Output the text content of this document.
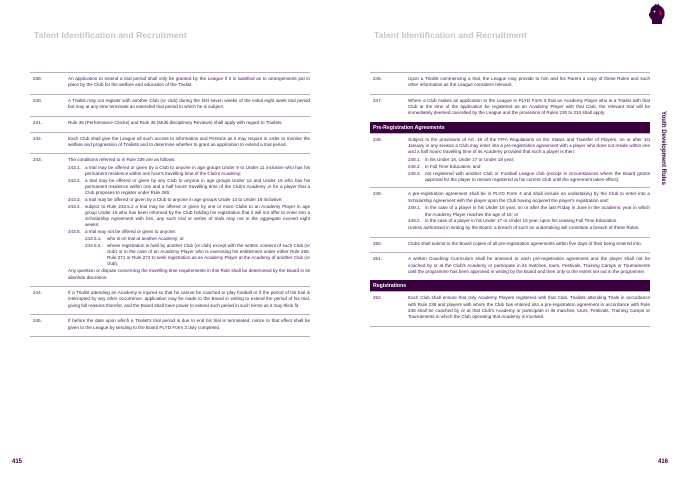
Talent Identification and Recruitment
239.	An application to extend a trial period shall only be granted by the League if it is satisfied as to arrangements put in place by the Club for the welfare and education of the Trialist.

240.	A Trialist may not register with another Club (or club) during the first seven weeks of the initial eight week trial period but may at any time terminate an extended trial period to which he is subject.

241.	Rule 35 (Performance Clocks) and Rule 36 (Multi-disciplinary Reviews) shall apply with regard to Trialists.

242.	Each Club shall give the League all such access to information and Persons as it may require in order to monitor the welfare and progression of Trialists and to determine whether to grant an application to extend a trial period.

243.	The conditions referred to in Rule 236 are as follows:

243.1. a trial may be offered or given by a Club to anyone in age groups Under 9 to Under 11 inclusive who has his permanent residence within one hour's travelling time of the Club's Academy;
243.2. a trial may be offered or given by any Club to anyone in age groups Under 12 and Under 15 who has his permanent residence within one and a half hours' travelling time of the Club's Academy or for a player that a Club proposes to register under Rule 265;
243.3. a trial may be offered or given by a Club to anyone in age groups Under 14 to Under 16 inclusive;
243.4. subject to Rule 243.5.2 a trial may be offered or given by one or more Clubs to an Academy Player in age group Under 16 who has been informed by the Club holding his registration that it will not offer to enter into a Scholarship Agreement with him, any such trial or series of trials may not in the aggregate exceed eight weeks;
243.5. a trial may not be offered or given to anyone:
243.5.1.	who is on trial at another Academy; or
243.5.2.	whose registration is held by another Club (or club) except with the written consent of such Club (or club) or in the case of an Academy Player who is exercising his entitlement under either Rule 269, Rule 271 or Rule 272 to seek registration as an Academy Player at the Academy of another Club (or club).

Any question or dispute concerning the travelling time requirements in this Rule shall be determined by the Board in its absolute discretion.

244.	If a Trialist attending an Academy is injured so that he cannot be coached or play football or if the period of his trial is interrupted by any other occurrence, application may be made to the Board in writing to extend the period of his trial, giving full reasons therefor, and the Board shall have power to extend such period in such terms as it may think fit.

245.	If before the date upon which a Trialist's trial period is due to end his trial is terminated, notice to that effect shall be given to the League by sending to the Board PLYD Form 3 duly completed.

415
Talent Identification and Recruitment
Youth Development Rules
246.	Upon a Trialist commencing a trial, the League may provide to him and his Parent a copy of these Rules and such other information as the League considers relevant.

247.	Where a Club makes an application to the League in PLYD Form 5 that an Academy Player who is a Trialist with that Club at the time of the application be registered as an Academy Player with that Club, the relevant trial will be immediately deemed cancelled by the League and the provisions of Rules 230 to 234 shall apply.

Pre-Registration Agreements
248.	Subject to the provisions of Art. 19 of the FIFA Regulations on the Status and Transfer of Players, on or after 1st January in any season a Club may enter into a pre-registration agreement with a player who does not reside within one and a half hours' travelling time of its Academy provided that such a player is then:

248.1. in his Under 16, Under 17 or Under 18 year;
248.2. in Full Time Education; and
248.3. not registered with another Club or Football League club (except in circumstances where the Board grants approval for the player to remain registered at his current Club until the agreement takes effect).
249.	A pre-registration agreement shall be in PLYD Form 4 and shall include an undertaking by the Club to enter into a Scholarship Agreement with the player upon the Club having acquired the player's registration and:

249.1. in the case of a player in his Under 16 year, on or after the last Friday in June in the academic year in which the Academy Player reaches the age of 16; or
249.2. in the case of a player in his Under 17 or Under 18 year, upon his ceasing Full Time Education.

Unless authorised in writing by the Board, a breach of such an undertaking will constitute a breach of these Rules.

250.	Clubs shall submit to the Board copies of all pre-registration agreements within five days of their being entered into.

251.	A written Coaching Curriculum shall be annexed to each pre-registration agreement and the player shall not be coached by or at the Club's Academy or participate in its matches, tours, Festivals, Training Camps or Tournaments until the programme has been approved in writing by the Board and then only to the extent set out in the programme.

Registrations
252.	Each Club shall ensure that only Academy Players registered with that Club, Trialists attending Trials in accordance with Rule 236 and players with whom the Club has entered into a pre-registration agreement in accordance with Rule 248 shall be coached by or at that Club's Academy or participate in its matches, tours, Festivals, Training Camps or Tournaments in which the Club operating that Academy is involved.

416
